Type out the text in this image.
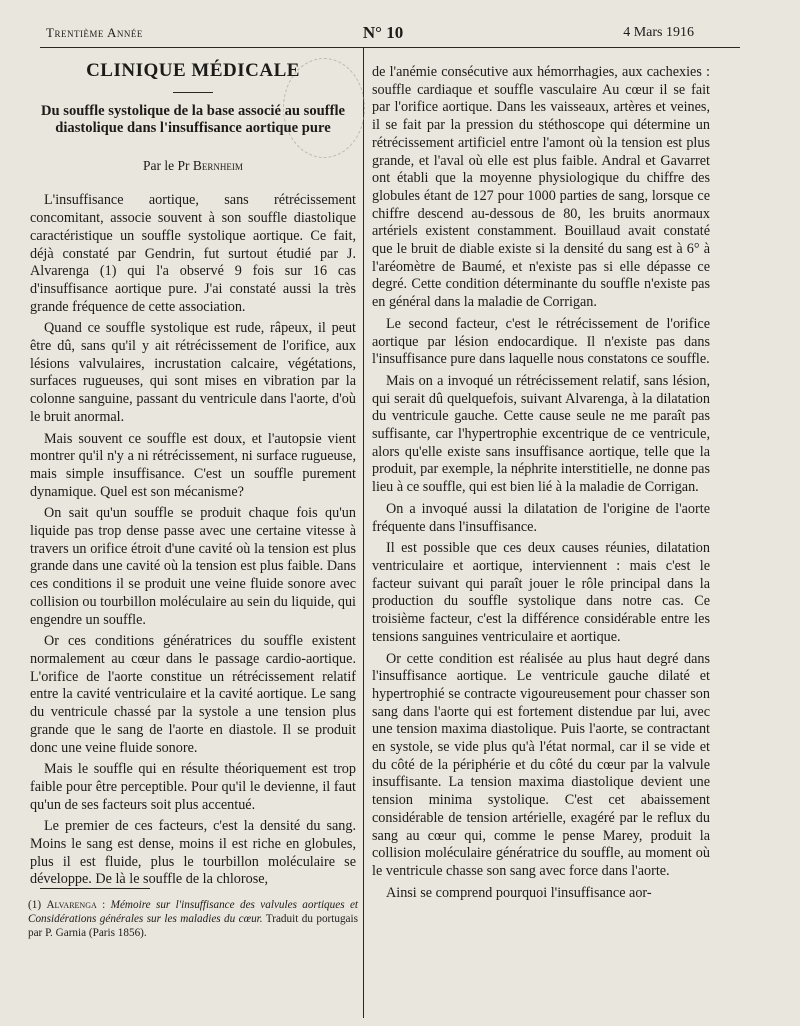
Trentième Année	N° 10	4 Mars 1916
CLINIQUE MÉDICALE
Du souffle systolique de la base associé au souffle diastolique dans l'insuffisance aortique pure
Par le Pr Bernheim

L'insuffisance aortique, sans rétrécissement concomitant, associe souvent à son souffle diastolique caractéristique un souffle systolique aortique. Ce fait, déjà constaté par Gendrin, fut surtout étudié par J. Alvarenga (1) qui l'a observé 9 fois sur 16 cas d'insuffisance aortique pure. J'ai constaté aussi la très grande fréquence de cette association.

Quand ce souffle systolique est rude, râpeux, il peut être dû, sans qu'il y ait rétrécissement de l'orifice, aux lésions valvulaires, incrustation calcaire, végétations, surfaces rugueuses, qui sont mises en vibration par la colonne sanguine, passant du ventricule dans l'aorte, d'où le bruit anormal.

Mais souvent ce souffle est doux, et l'autopsie vient montrer qu'il n'y a ni rétrécissement, ni surface rugueuse, mais simple insuffisance. C'est un souffle purement dynamique. Quel est son mécanisme?

On sait qu'un souffle se produit chaque fois qu'un liquide pas trop dense passe avec une certaine vitesse à travers un orifice étroit d'une cavité où la tension est plus grande dans une cavité où la tension est plus faible. Dans ces conditions il se produit une veine fluide sonore avec collision ou tourbillon moléculaire au sein du liquide, qui engendre un souffle.

Or ces conditions génératrices du souffle existent normalement au cœur dans le passage cardio-aortique. L'orifice de l'aorte constitue un rétrécissement relatif entre la cavité ventriculaire et la cavité aortique. Le sang du ventricule chassé par la systole a une tension plus grande que le sang de l'aorte en diastole. Il se produit donc une veine fluide sonore.

Mais le souffle qui en résulte théoriquement est trop faible pour être perceptible. Pour qu'il le devienne, il faut qu'un de ses facteurs soit plus accentué.

Le premier de ces facteurs, c'est la densité du sang. Moins le sang est dense, moins il est riche en globules, plus il est fluide, plus le tourbillon moléculaire se développe. De là le souffle de la chlorose,

(1) Alvarenga : Mémoire sur l'insuffisance des valvules aortiques et Considérations générales sur les maladies du cœur. Traduit du portugais par P. Garnia (Paris 1856).

de l'anémie consécutive aux hémorrhagies, aux cachexies : souffle cardiaque et souffle vasculaire Au cœur il se fait par l'orifice aortique. Dans les vaisseaux, artères et veines, il se fait par la pression du stéthoscope qui détermine un rétrécissement artificiel entre l'amont où la tension est plus grande, et l'aval où elle est plus faible. Andral et Gavarret ont établi que la moyenne physiologique du chiffre des globules étant de 127 pour 1000 parties de sang, lorsque ce chiffre descend au-dessous de 80, les bruits anormaux artériels existent constamment. Bouillaud avait constaté que le bruit de diable existe si la densité du sang est à 6° à l'aréomètre de Baumé, et n'existe pas si elle dépasse ce degré. Cette condition déterminante du souffle n'existe pas en général dans la maladie de Corrigan.

Le second facteur, c'est le rétrécissement de l'orifice aortique par lésion endocardique. Il n'existe pas dans l'insuffisance pure dans laquelle nous constatons ce souffle.

Mais on a invoqué un rétrécissement relatif, sans lésion, qui serait dû quelquefois, suivant Alvarenga, à la dilatation du ventricule gauche. Cette cause seule ne me paraît pas suffisante, car l'hypertrophie excentrique de ce ventricule, alors qu'elle existe sans insuffisance aortique, telle que la produit, par exemple, la néphrite interstitielle, ne donne pas lieu à ce souffle, qui est bien lié à la maladie de Corrigan.

On a invoqué aussi la dilatation de l'origine de l'aorte fréquente dans l'insuffisance.

Il est possible que ces deux causes réunies, dilatation ventriculaire et aortique, interviennent : mais c'est le facteur suivant qui paraît jouer le rôle principal dans la production du souffle systolique dans notre cas. Ce troisième facteur, c'est la différence considérable entre les tensions sanguines ventriculaire et aortique.

Or cette condition est réalisée au plus haut degré dans l'insuffisance aortique. Le ventricule gauche dilaté et hypertrophié se contracte vigoureusement pour chasser son sang dans l'aorte qui est fortement distendue par lui, avec une tension maxima diastolique. Puis l'aorte, se contractant en systole, se vide plus qu'à l'état normal, car il se vide et du côté de la périphérie et du côté du cœur par la valvule insuffisante. La tension maxima diastolique devient une tension minima systolique. C'est cet abaissement considérable de tension artérielle, exagéré par le reflux du sang au cœur qui, comme le pense Marey, produit la collision moléculaire génératrice du souffle, au moment où le ventricule chasse son sang avec force dans l'aorte.

Ainsi se comprend pourquoi l'insuffisance aor-
